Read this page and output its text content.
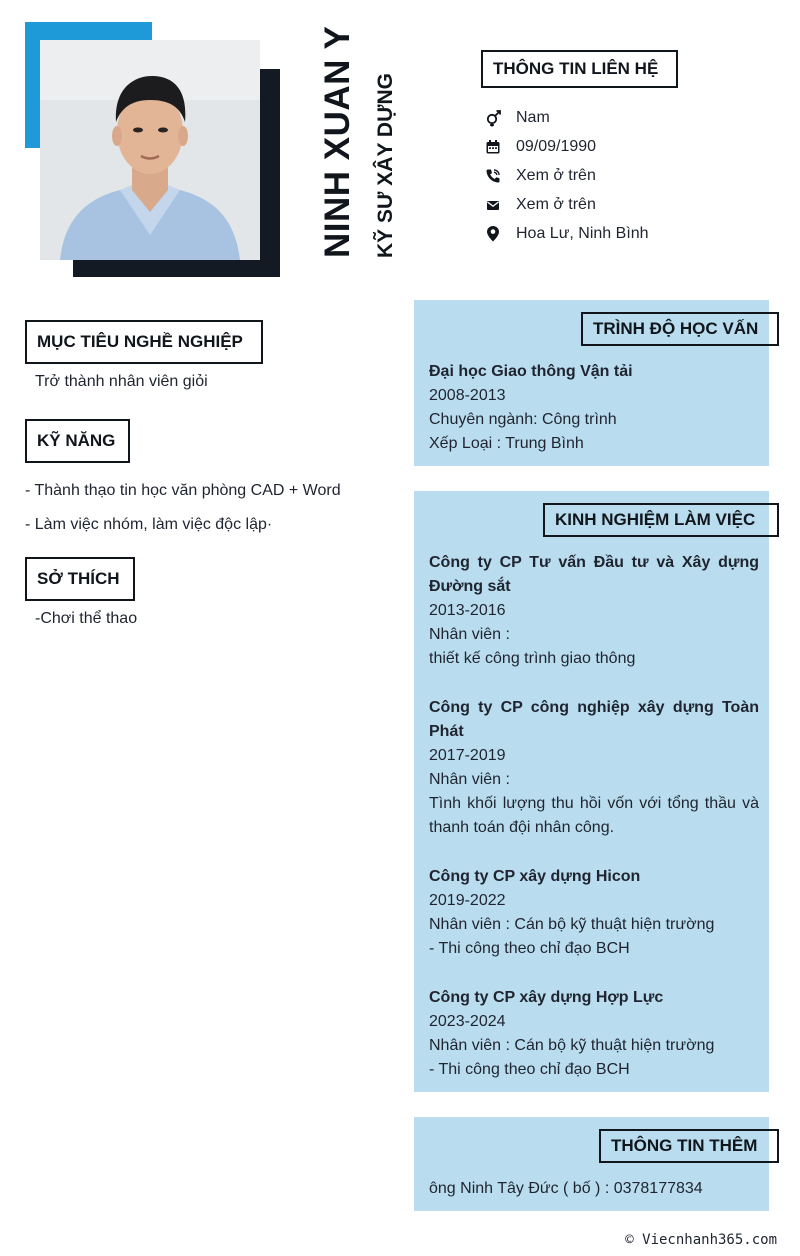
NINH XUAN Y KỸ SƯ XÂY DỰNG
THÔNG TIN LIÊN HỆ
Nam
09/09/1990
Xem ở trên
Xem ở trên
Hoa Lư, Ninh Bình
MỤC TIÊU NGHỀ NGHIỆP
Trở thành nhân viên giỏi
KỸ NĂNG
- Thành thạo tin học văn phòng CAD + Word
- Làm việc nhóm, làm việc độc lập·
SỞ THÍCH
-Chơi thể thao
TRÌNH ĐỘ HỌC VẤN
Đại học Giao thông Vận tải
2008-2013
Chuyên ngành: Công trình
Xếp Loại : Trung Bình
KINH NGHIỆM LÀM VIỆC
Công ty CP Tư vấn Đầu tư và Xây dựng Đường sắt
2013-2016
Nhân viên :
thiết kế công trình giao thông
Công ty CP công nghiệp xây dựng Toàn Phát
2017-2019
Nhân viên :
Tình khối lượng thu hồi vốn với tổng thầu và thanh toán đội nhân công.
Công ty CP xây dựng Hicon
2019-2022
Nhân viên : Cán bộ kỹ thuật hiện trường
- Thi công theo chỉ đạo BCH
Công ty CP xây dựng Hợp Lực
2023-2024
Nhân viên : Cán bộ kỹ thuật hiện trường
- Thi công theo chỉ đạo BCH
THÔNG TIN THÊM
ông Ninh Tây Đức ( bố ) : 0378177834
© Viecnhanh365.com
